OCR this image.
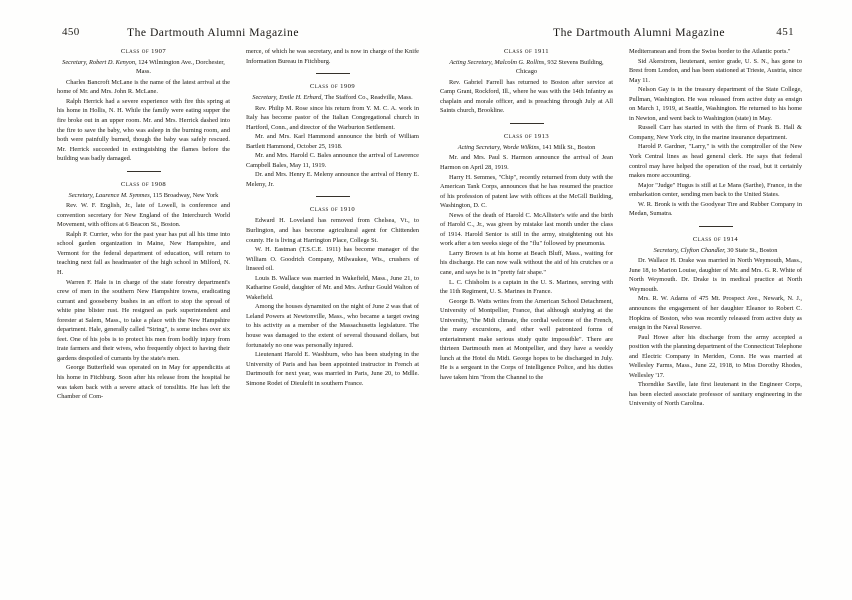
450	The Dartmouth Alumni Magazine
Class of 1907
Secretary, Robert D. Kenyon, 124 Wilmington Ave., Dorchester, Mass.

Charles Bancroft McLane is the name of the latest arrival at the home of Mr. and Mrs. John R. McLane.

Ralph Herrick had a severe experience with fire this spring at his home in Hollis, N. H. While the family were eating supper the fire broke out in an upper room. Mr. and Mrs. Herrick dashed into the fire to save the baby, who was asleep in the burning room, and both were painfully burned, though the baby was safely rescued. Mr. Herrick succeeded in extinguishing the flames before the building was badly damaged.

Class of 1908
Secretary, Laurence M. Symmes, 115 Broadway, New York

Rev. W. F. English, Jr., late of Lowell, is conference and convention secretary for New England of the Interchurch World Movement, with offices at 6 Beacon St., Boston.

Ralph P. Currier, who for the past year has put all his time into school garden organization in Maine, New Hampshire, and Vermont for the federal department of education, will return to teaching next fall as headmaster of the high school in Milford, N. H.

Warren F. Hale is in charge of the state forestry department's crew of men in the southern New Hampshire towns, eradicating currant and gooseberry bushes in an effort to stop the spread of white pine blister rust. He resigned as park superintendent and forester at Salem, Mass., to take a place with the New Hampshire department. Hale, generally called "String", is some inches over six feet. One of his jobs is to protect his men from bodily injury from irate farmers and their wives, who frequently object to having their gardens despoiled of currants by the state's men.

George Butterfield was operated on in May for appendicitis at his home in Fitchburg. Soon after his release from the hospital he was taken back with a severe attack of tonsilitis. He has left the Chamber of Com-

merce, of which he was secretary, and is now in charge of the Knife Information Bureau in Fitchburg.

Class of 1909
Secretary, Emile H. Erhard, The Stafford Co., Readville, Mass.

Rev. Philip M. Rose since his return from Y. M. C. A. work in Italy has become pastor of the Italian Congregational church in Hartford, Conn., and director of the Warburton Settlement.

Mr. and Mrs. Karl Hammond announce the birth of William Bartlett Hammond, October 25, 1918.

Mr. and Mrs. Harold C. Bales announce the arrival of Lawrence Campbell Bales, May 11, 1919.

Dr. and Mrs. Henry E. Meleny announce the arrival of Henry E. Meleny, Jr.

Class of 1910

Edward H. Loveland has removed from Chelsea, Vt., to Burlington, and has become agricultural agent for Chittenden county. He is living at Harrington Place, College St.

W. H. Eastman (T.S.C.E. 1911) has become manager of the William O. Goodrich Company, Milwaukee, Wis., crushers of linseed oil.

Louis B. Wallace was married in Wakefield, Mass., June 21, to Katharine Gould, daughter of Mr. and Mrs. Arthur Gould Walton of Wakefield.

Among the houses dynamited on the night of June 2 was that of Leland Powers at Newtonville, Mass., who became a target owing to his activity as a member of the Massachusetts legislature. The house was damaged to the extent of several thousand dollars, but fortunately no one was personally injured.

Lieutenant Harold E. Washburn, who has been studying in the University of Paris and has been appointed instructor in French at Dartmouth for next year, was married in Paris, June 20, to Mdlle. Simone Rodet of Dieulefit in southern France.

The Dartmouth Alumni Magazine	451
Class of 1911
Acting Secretary, Malcolm G. Rollins, 932 Stevens Building, Chicago

Rev. Gabriel Farrell has returned to Boston after service at Camp Grant, Rockford, Ill., where he was with the 14th Infantry as chaplain and morale officer, and is preaching through July at All Saints church, Brookline.

Class of 1913
Acting Secretary, Worde Wilkins, 141 Milk St., Boston

Mr. and Mrs. Paul S. Harmon announce the arrival of Jean Harmon on April 28, 1919.

Harry H. Semmes, "Chip", recently returned from duty with the American Tank Corps, announces that he has resumed the practice of his profession of patent law with offices at the McGill Building, Washington, D. C.

News of the death of Harold C. McAllister's wife and the birth of Harold C., Jr., was given by mistake last month under the class of 1914. Harold Senior is still in the army, straightening out his work after a ten weeks siege of the "flu" followed by pneumonia.

Larry Brown is at his home at Beach Bluff, Mass., waiting for his discharge. He can now walk without the aid of his crutches or a cane, and says he is in "pretty fair shape."

L. C. Chisholm is a captain in the U. S. Marines, serving with the 11th Regiment, U. S. Marines in France.

George B. Watts writes from the American School Detachment, University of Montpellier, France, that although studying at the University, "the Midi climate, the cordial welcome of the French, the many excursions, and other well patronized forms of entertainment make serious study quite impossible". There are thirteen Dartmouth men at Montpellier, and they have a weekly lunch at the Hotel du Midi. George hopes to be discharged in July. He is a sergeant in the Corps of Intelligence Police, and his duties have taken him "from the Channel to the

Mediterranean and from the Swiss border to the Atlantic ports."

Sid Akerstrom, lieutenant, senior grade, U. S. N., has gone to Brest from London, and has been stationed at Trieste, Austria, since May 11.

Nelson Gay is in the treasury department of the State College, Pullman, Washington. He was released from active duty as ensign on March 1, 1919, at Seattle, Washington. He returned to his home in Newton, and went back to Washington (state) in May.

Russell Carr has started in with the firm of Frank B. Hall & Company, New York city, in the marine insurance department.

Harold P. Gardner, "Larry," is with the comptroller of the New York Central lines as head general clerk. He says that federal control may have helped the operation of the road, but it certainly makes more accounting.

Major "Judge" Hugus is still at Le Mans (Sarthe), France, in the embarkation center, sending men back to the United States.

W. R. Bronk is with the Goodyear Tire and Rubber Company in Medan, Sumatra.

Class of 1914
Secretary, Clyfton Chandler, 30 State St., Boston

Dr. Wallace H. Drake was married in North Weymouth, Mass., June 18, to Marion Louise, daughter of Mr. and Mrs. G. R. White of North Weymouth. Dr. Drake is in medical practice at North Weymouth.

Mrs. R. W. Adams of 475 Mt. Prospect Ave., Newark, N. J., announces the engagement of her daughter Eleanor to Robert C. Hopkins of Boston, who was recently released from active duty as ensign in the Naval Reserve.

Paul Howe after his discharge from the army accepted a position with the planning department of the Connecticut Telephone and Electric Company in Meriden, Conn. He was married at Wellesley Farms, Mass., June 22, 1918, to Miss Dorothy Rhodes, Wellesley '17.

Thorndike Saville, late first lieutenant in the Engineer Corps, has been elected associate professor of sanitary engineering in the University of North Carolina.
